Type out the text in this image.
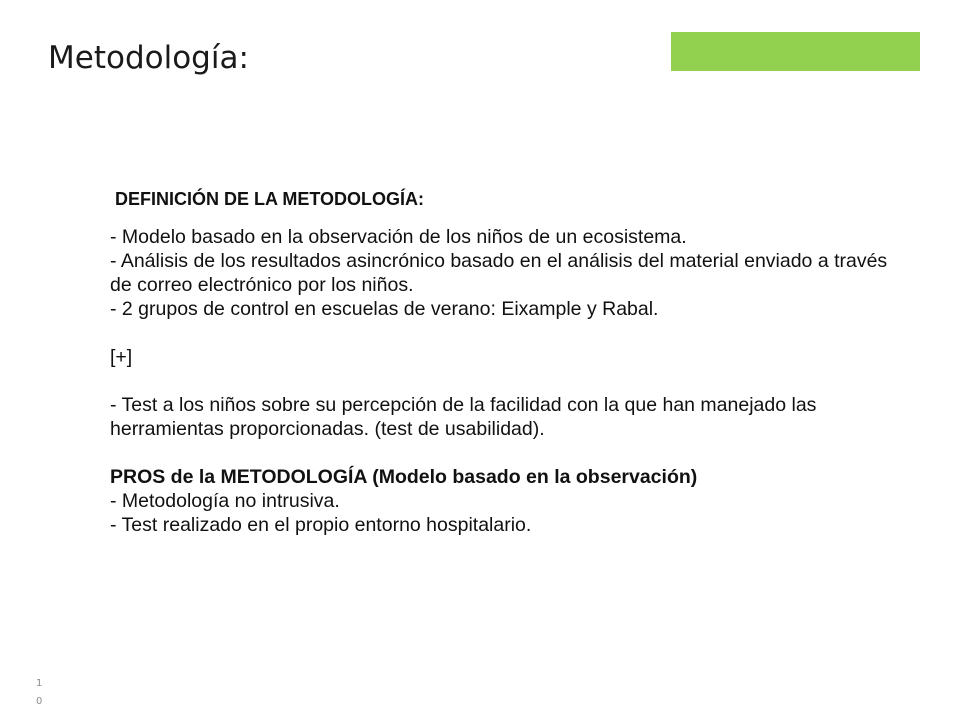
Metodología:
DEFINICIÓN DE LA METODOLOGÍA:

- Modelo basado en la observación de los niños de un ecosistema.

- Análisis de los resultados asincrónico basado en el análisis del material enviado a través de correo electrónico por los niños.

- 2 grupos de control en escuelas de verano: Eixample y Rabal.

[+]

- Test a los niños sobre su percepción de la facilidad con la que han manejado las herramientas proporcionadas. (test de usabilidad).

PROS de la METODOLOGÍA (Modelo basado en la observación)

- Metodología no intrusiva.

- Test realizado en el propio entorno hospitalario.

10
